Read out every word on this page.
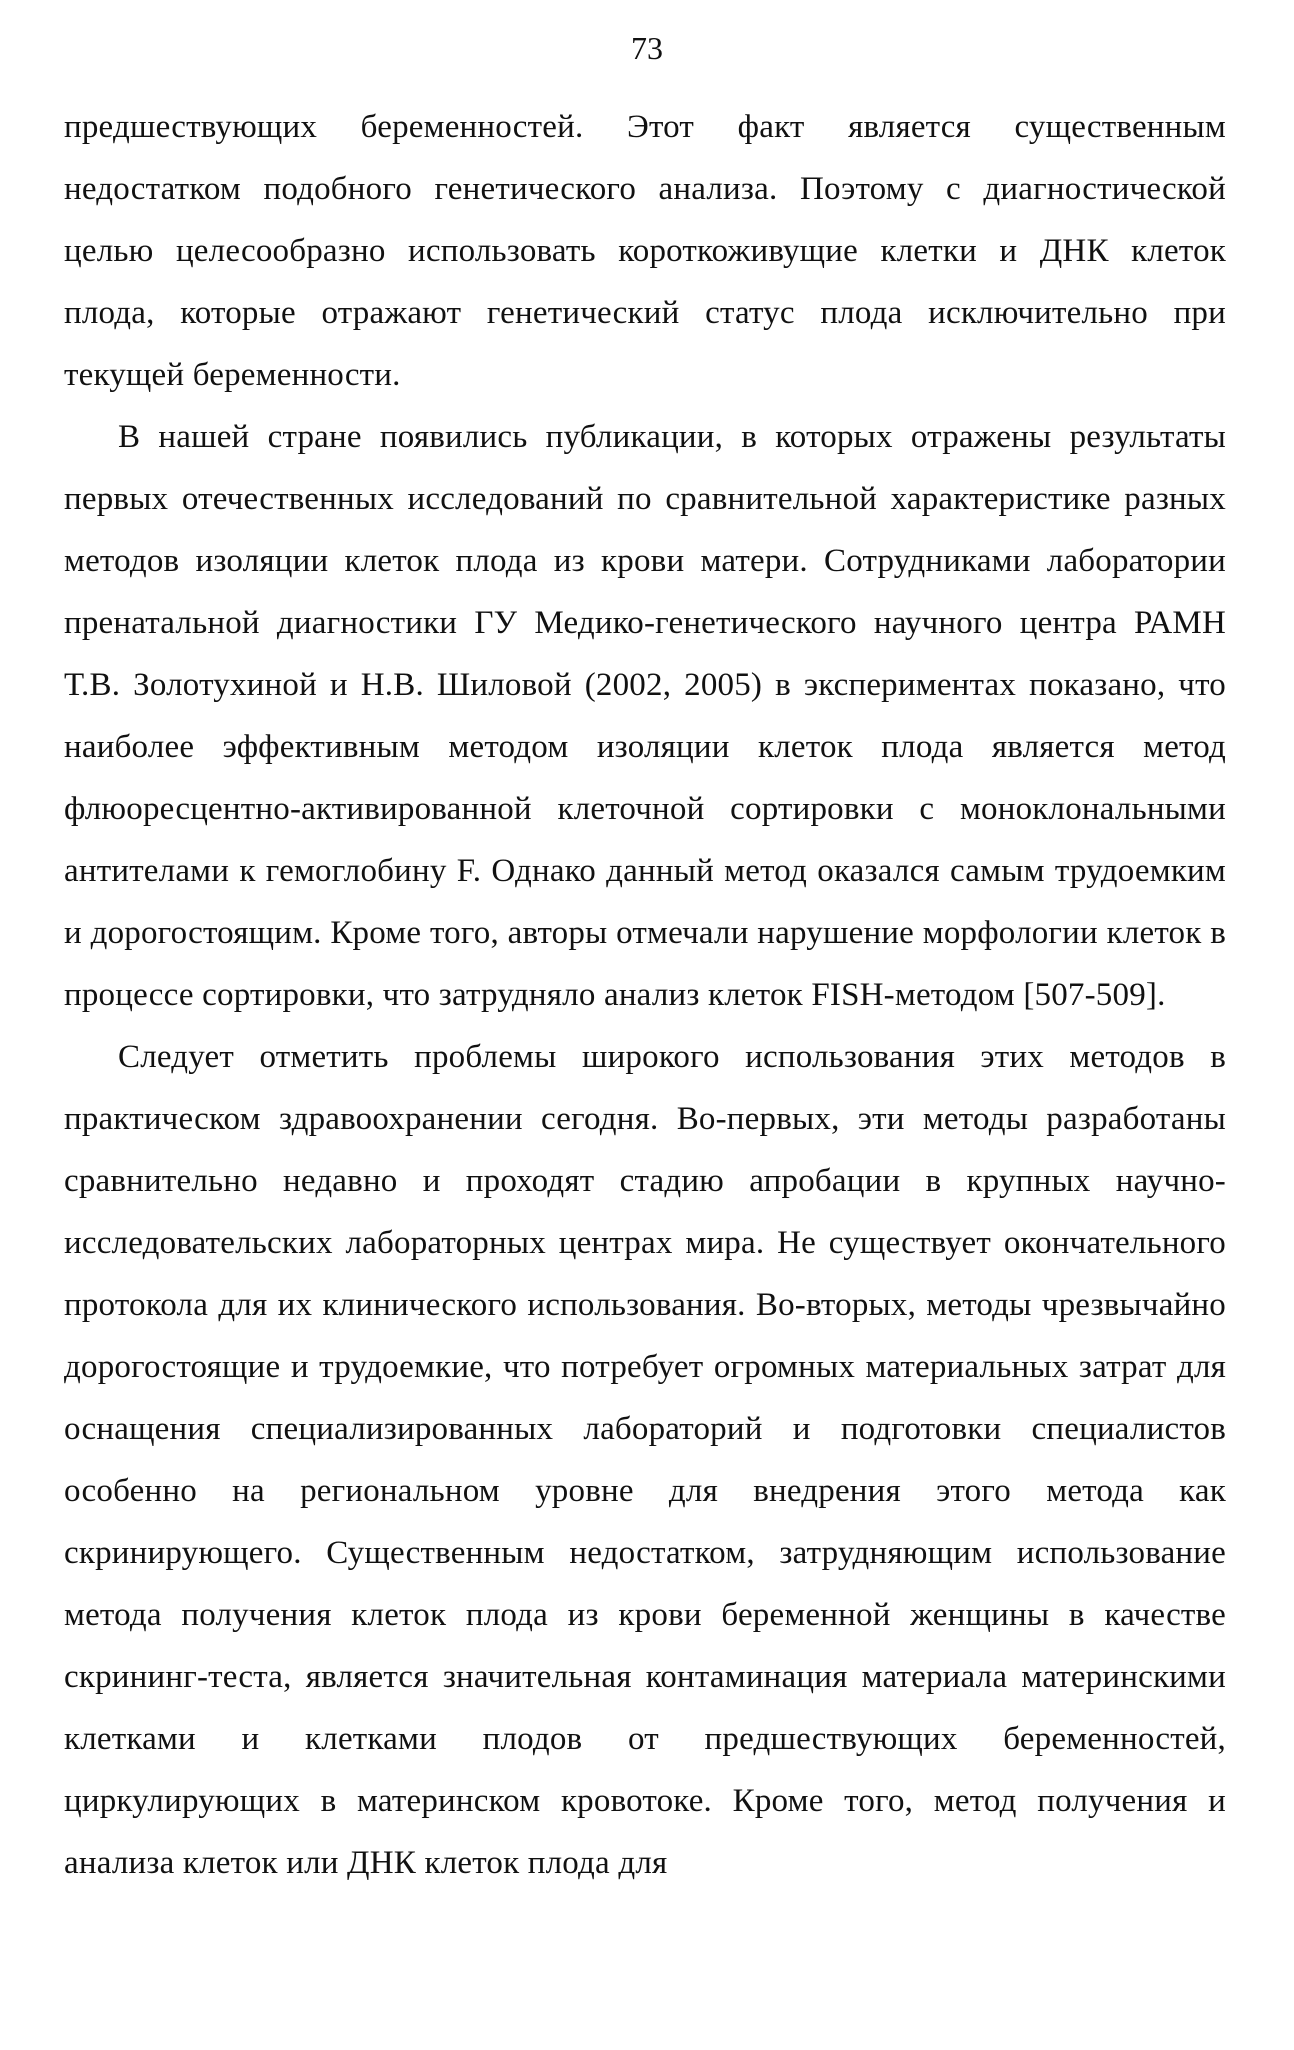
73

предшествующих беременностей. Этот факт является существенным недостатком подобного генетического анализа. Поэтому с диагностической целью целесообразно использовать короткоживущие клетки и ДНК клеток плода, которые отражают генетический статус плода исключительно при текущей беременности.

В нашей стране появились публикации, в которых отражены результаты первых отечественных исследований по сравнительной характеристике разных методов изоляции клеток плода из крови матери. Сотрудниками лаборатории пренатальной диагностики ГУ Медико-генетического научного центра РАМН Т.В. Золотухиной и Н.В. Шиловой (2002, 2005) в экспериментах показано, что наиболее эффективным методом изоляции клеток плода является метод флюоресцентно-активированной клеточной сортировки с моноклональными антителами к гемоглобину F. Однако данный метод оказался самым трудоемким и дорогостоящим. Кроме того, авторы отмечали нарушение морфологии клеток в процессе сортировки, что затрудняло анализ клеток FISH-методом [507-509].

Следует отметить проблемы широкого использования этих методов в практическом здравоохранении сегодня. Во-первых, эти методы разработаны сравнительно недавно и проходят стадию апробации в крупных научно-исследовательских лабораторных центрах мира. Не существует окончательного протокола для их клинического использования. Во-вторых, методы чрезвычайно дорогостоящие и трудоемкие, что потребует огромных материальных затрат для оснащения специализированных лабораторий и подготовки специалистов особенно на региональном уровне для внедрения этого метода как скринирующего. Существенным недостатком, затрудняющим использование метода получения клеток плода из крови беременной женщины в качестве скрининг-теста, является значительная контаминация материала материнскими клетками и клетками плодов от предшествующих беременностей, циркулирующих в материнском кровотоке. Кроме того, метод получения и анализа клеток или ДНК клеток плода для
